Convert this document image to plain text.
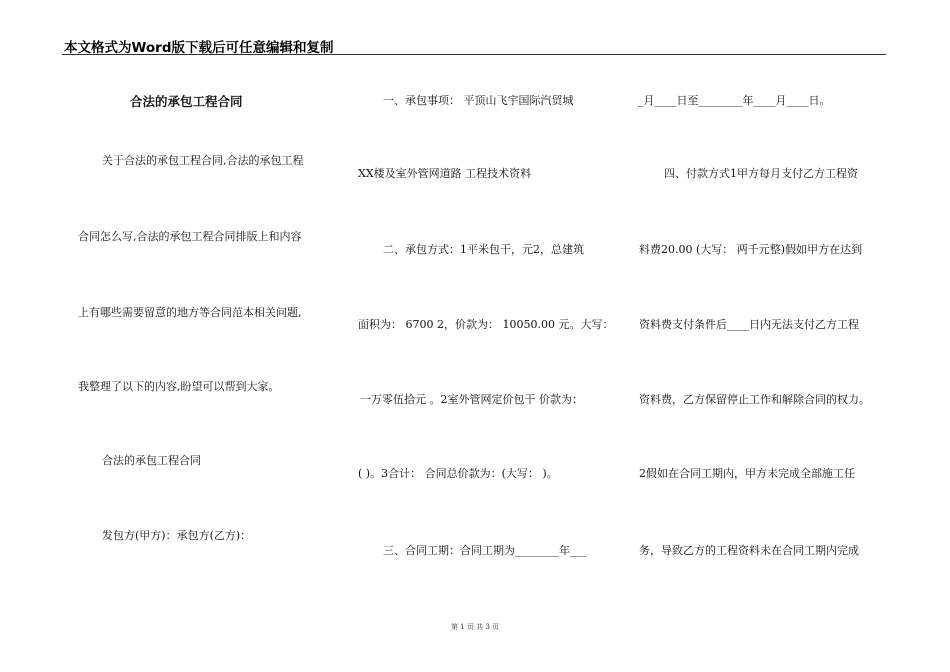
本文格式为Word版下载后可任意编辑和复制
合法的承包工程合同
关于合法的承包工程合同,合法的承包工程
合同怎么写,合法的承包工程合同排版上和内容
上有哪些需要留意的地方等合同范本相关问题,
我整理了以下的内容,盼望可以帮到大家。
合法的承包工程合同
发包方(甲方)：承包方(乙方)：
一、承包事项： 平顶山飞宇国际汽贸城
XX楼及室外管网道路 工程技术资料
二、承包方式：1平米包干，元2，总建筑
面积为： 6700 2，价款为： 10050.00 元。大写：
一万零伍拾元 。2室外管网定价包干 价款为：
( )。3合计： 合同总价款为：(大写： )。
三、合同工期：合同工期为________年___
_月____日至________年____月____日。
四、付款方式1甲方每月支付乙方工程资
料费20.00 (大写： 两千元整)假如甲方在达到
资料费支付条件后____日内无法支付乙方工程
资料费，乙方保留停止工作和解除合同的权力。
2假如在合同工期内，甲方未完成全部施工任
务，导致乙方的工程资料未在合同工期内完成
第 1 页 共 3 页
